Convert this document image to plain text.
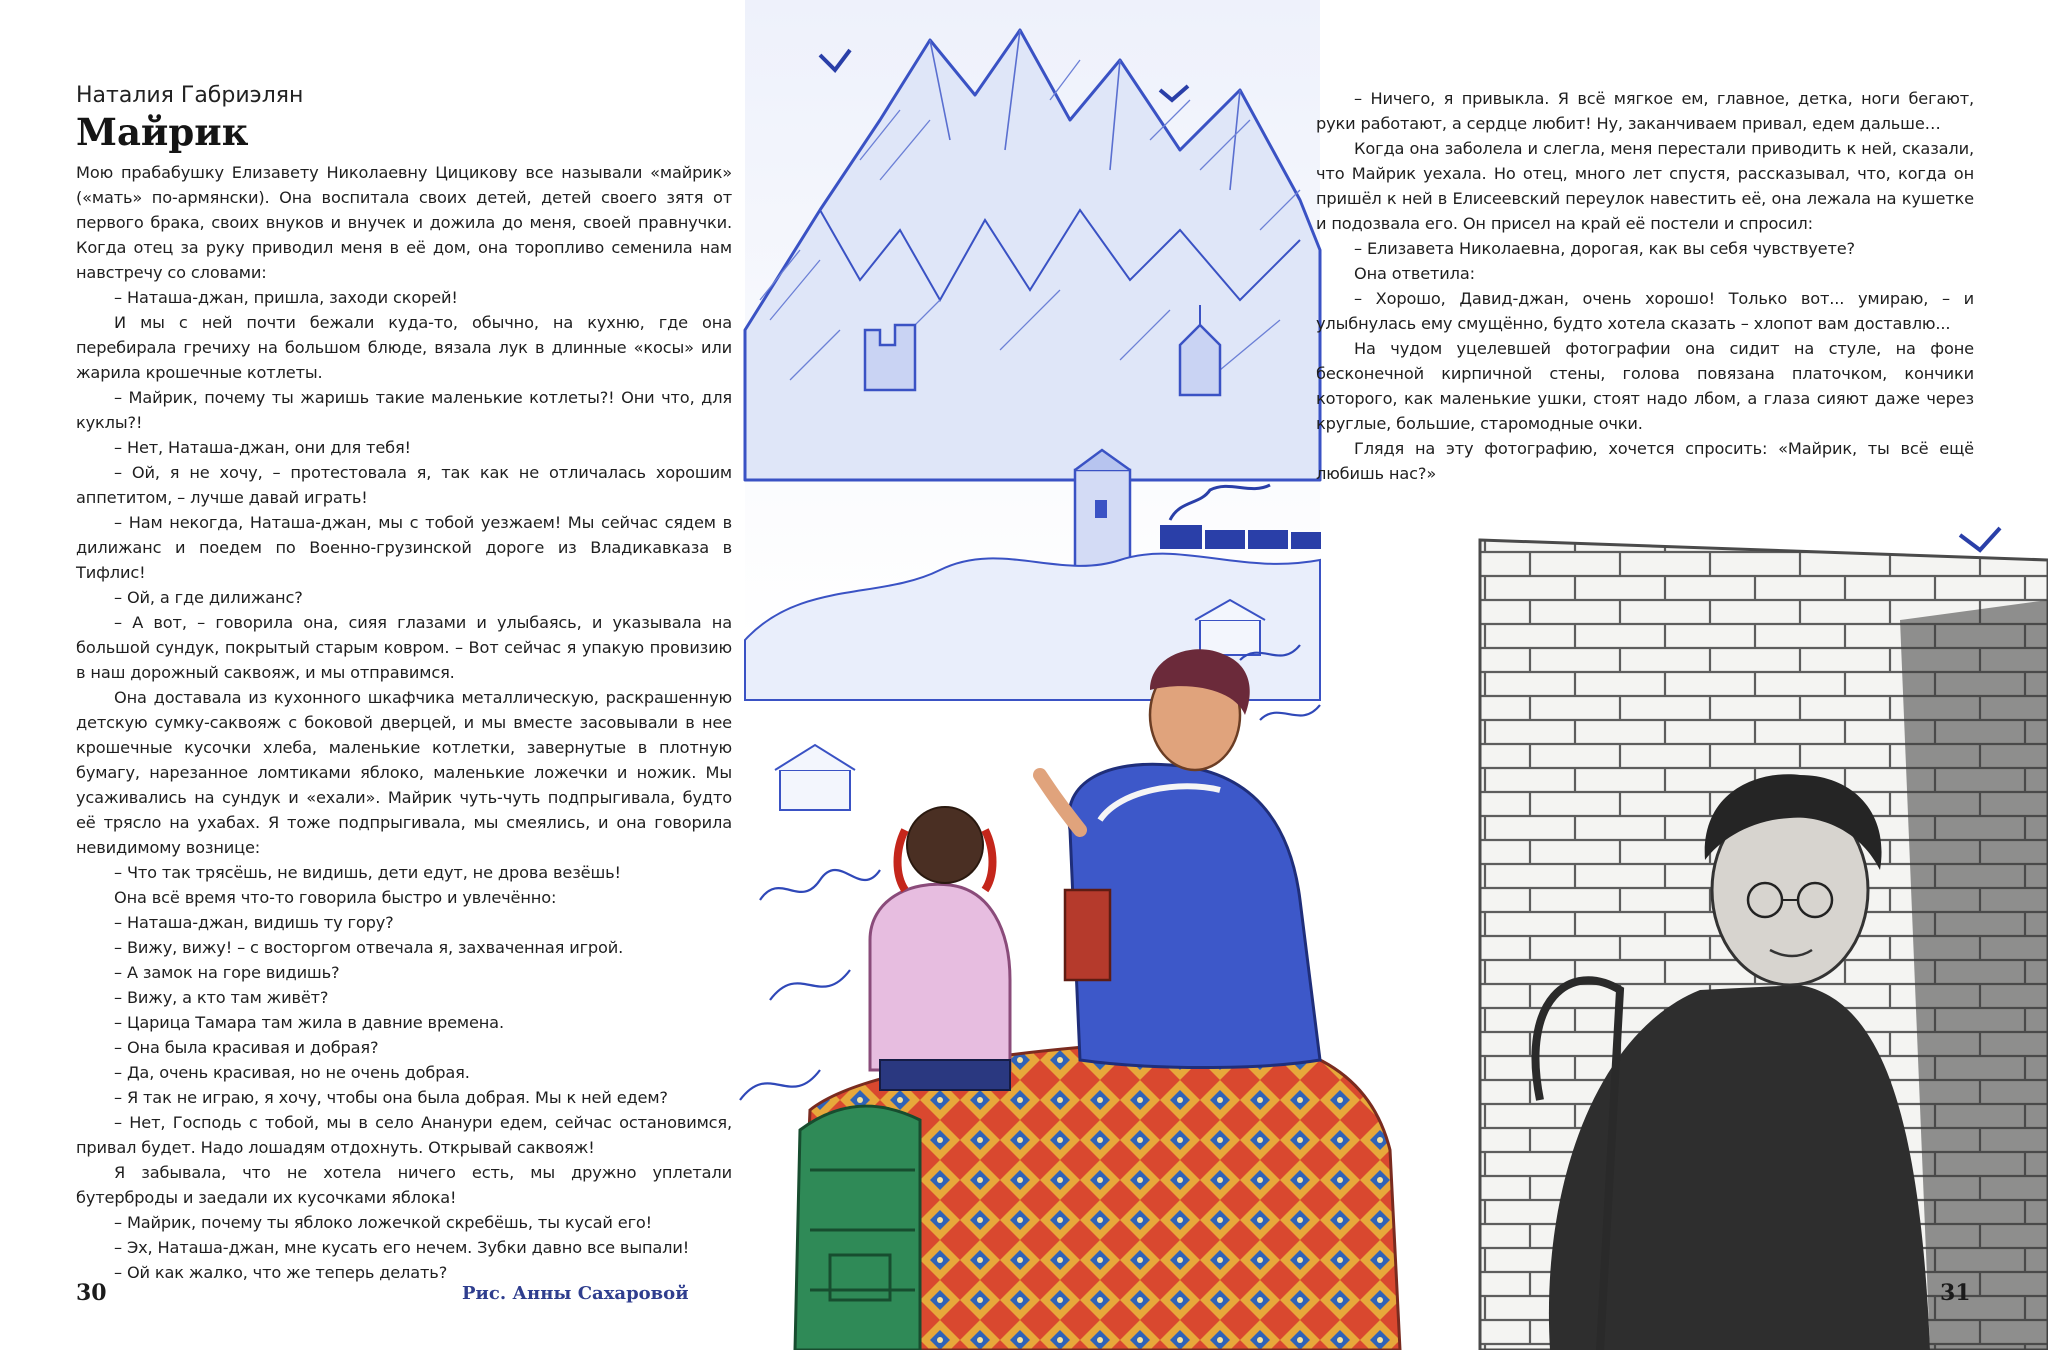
Наталия Габриэлян

Майрик

Мою прабабушку Елизавету Николаевну Цицикову все называли «майрик» («мать» по-армянски). Она воспитала своих детей, детей своего зятя от первого брака, своих внуков и внучек и дожила до меня, своей правнучки. Когда отец за руку приводил меня в её дом, она торопливо семенила нам навстречу со словами:

– Наташа-джан, пришла, заходи скорей!

И мы с ней почти бежали куда-то, обычно, на кухню, где она перебирала гречиху на большом блюде, вязала лук в длинные «косы» или жарила крошечные котлеты.

– Майрик, почему ты жаришь такие маленькие котлеты?! Они что, для куклы?!

– Нет, Наташа-джан, они для тебя!

– Ой, я не хочу, – протестовала я, так как не отличалась хорошим аппетитом, – лучше давай играть!

– Нам некогда, Наташа-джан, мы с тобой уезжаем! Мы сейчас сядем в дилижанс и поедем по Военно-грузинской дороге из Владикавказа в Тифлис!

– Ой, а где дилижанс?

– А вот, – говорила она, сияя глазами и улыбаясь, и указывала на большой сундук, покрытый старым ковром. – Вот сейчас я упакую провизию в наш дорожный саквояж, и мы отправимся.

Она доставала из кухонного шкафчика металлическую, раскрашенную детскую сумку-саквояж с боковой дверцей, и мы вместе засовывали в нее крошечные кусочки хлеба, маленькие котлетки, завернутые в плотную бумагу, нарезанное ломтиками яблоко, маленькие ложечки и ножик. Мы усаживались на сундук и «ехали». Майрик чуть-чуть подпрыгивала, будто её трясло на ухабах. Я тоже подпрыгивала, мы смеялись, и она говорила невидимому вознице:

– Что так трясёшь, не видишь, дети едут, не дрова везёшь!

Она всё время что-то говорила быстро и увлечённо:

– Наташа-джан, видишь ту гору?

– Вижу, вижу! – с восторгом отвечала я, захваченная игрой.

– А замок на горе видишь?

– Вижу, а кто там живёт?

– Царица Тамара там жила в давние времена.

– Она была красивая и добрая?

– Да, очень красивая, но не очень добрая.

– Я так не играю, я хочу, чтобы она была добрая. Мы к ней едем?

– Нет, Господь с тобой, мы в село Ананури едем, сейчас остановимся, привал будет. Надо лошадям отдохнуть. Открывай саквояж!

Я забывала, что не хотела ничего есть, мы дружно уплетали бутерброды и заедали их кусочками яблока!

– Майрик, почему ты яблоко ложечкой скребёшь, ты кусай его!

– Эх, Наташа-джан, мне кусать его нечем. Зубки давно все выпали!

– Ой как жалко, что же теперь делать?

– Ничего, я привыкла. Я всё мягкое ем, главное, детка, ноги бегают, руки работают, а сердце любит! Ну, заканчиваем привал, едем дальше…

Когда она заболела и слегла, меня перестали приводить к ней, сказали, что Майрик уехала. Но отец, много лет спустя, рассказывал, что, когда он пришёл к ней в Елисеевский переулок навестить её, она лежала на кушетке и подозвала его. Он присел на край её постели и спросил:

– Елизавета Николаевна, дорогая, как вы себя чувствуете?

Она ответила:

– Хорошо, Давид-джан, очень хорошо! Только вот... умираю, – и улыбнулась ему смущённо, будто хотела сказать – хлопот вам доставлю...

На чудом уцелевшей фотографии она сидит на стуле, на фоне бесконечной кирпичной стены, голова повязана платочком, кончики которого, как маленькие ушки, стоят надо лбом, а глаза сияют даже через круглые, большие, старомодные очки.

Глядя на эту фотографию, хочется спросить: «Майрик, ты всё ещё любишь нас?»

30	Рис. Анны Сахаровой	31
